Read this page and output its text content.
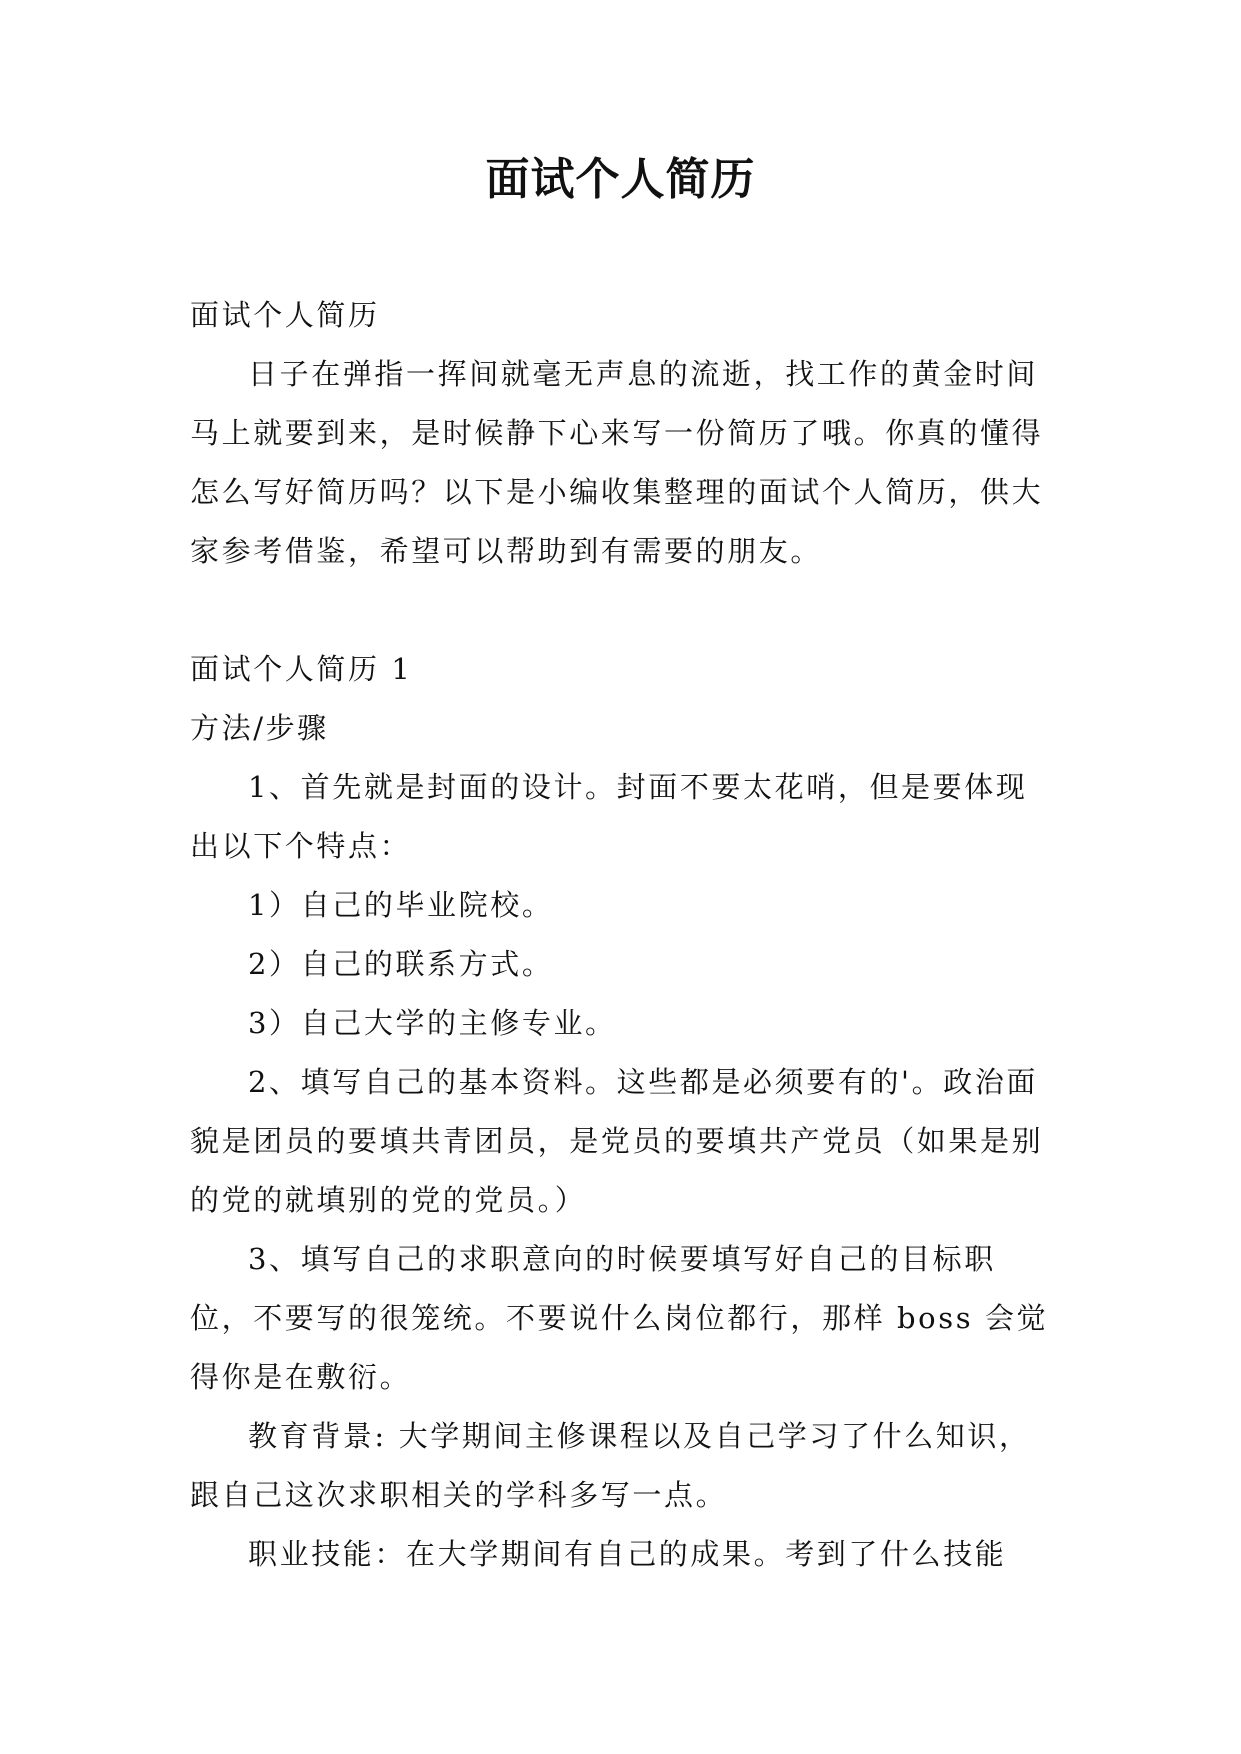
面试个人简历

面试个人简历

日子在弹指一挥间就毫无声息的流逝，找工作的黄金时间马上就要到来，是时候静下心来写一份简历了哦。你真的懂得怎么写好简历吗？以下是小编收集整理的面试个人简历，供大家参考借鉴，希望可以帮助到有需要的朋友。

面试个人简历 1

方法/步骤

1、首先就是封面的设计。封面不要太花哨，但是要体现出以下个特点：

1）自己的毕业院校。

2）自己的联系方式。

3）自己大学的主修专业。

2、填写自己的基本资料。这些都是必须要有的'。政治面貌是团员的要填共青团员，是党员的要填共产党员（如果是别的党的就填别的党的党员。）

3、填写自己的求职意向的时候要填写好自己的目标职位，不要写的很笼统。不要说什么岗位都行，那样 boss 会觉得你是在敷衍。

教育背景: 大学期间主修课程以及自己学习了什么知识，跟自己这次求职相关的学科多写一点。

职业技能：在大学期间有自己的成果。考到了什么技能
